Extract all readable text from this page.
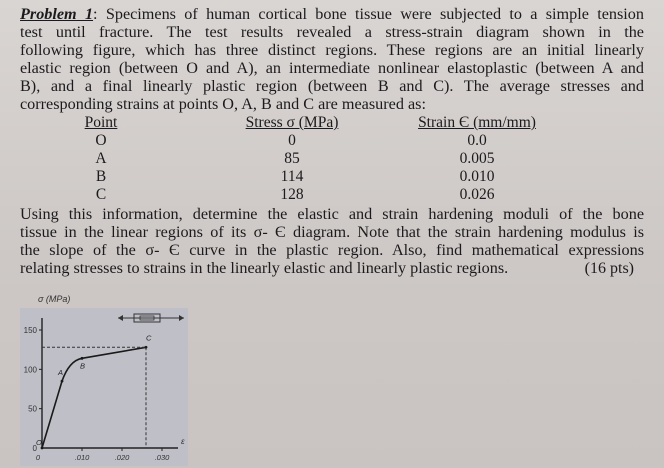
Problem 1: Specimens of human cortical bone tissue were subjected to a simple tension
test until fracture. The test results revealed a stress-strain diagram shown in the
following figure, which has three distinct regions. These regions are an initial linearly
elastic region (between O and A), an intermediate nonlinear elastoplastic (between A and
B), and a final linearly plastic region (between B and C). The average stresses and
corresponding strains at points O, A, B and C are measured as:
Point	Stress σ (MPa)	Strain Є (mm/mm)
O	0	0.0
A	85	0.005
B	114	0.010
C	128	0.026
Using this information, determine the elastic and strain hardening moduli of the bone
tissue in the linear regions of its σ- Є diagram. Note that the strain hardening modulus is
the slope of the σ- Є curve in the plastic region. Also, find mathematical expressions
relating stresses to strains in the linearly elastic and linearly plastic regions.	(16 pts)
σ (MPa)
150
100
50
0
0	.010	.020	.030
ε
O
A
B
C
